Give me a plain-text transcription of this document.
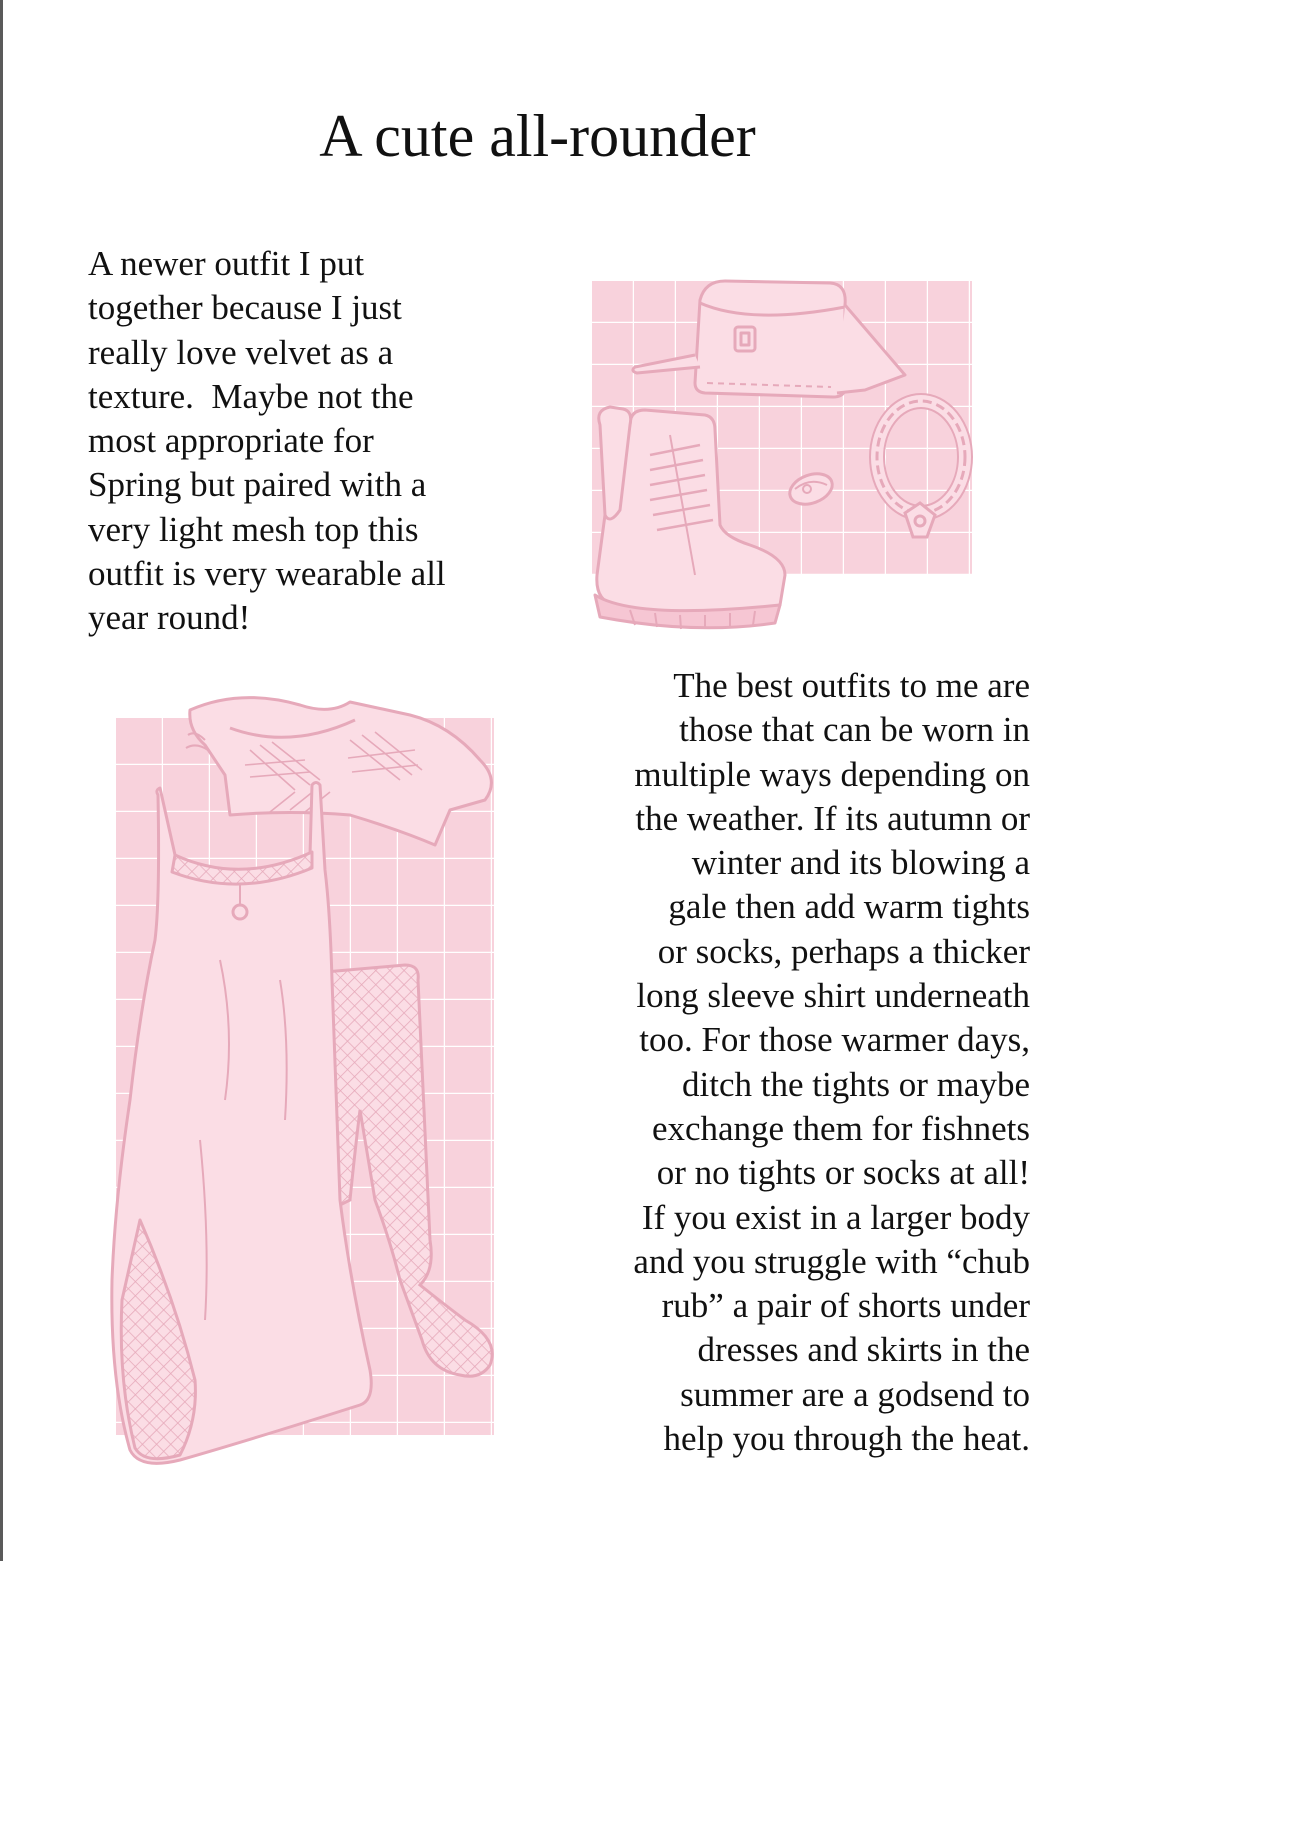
A cute all-rounder

A newer outfit I put

together because I just

really love velvet as a

texture.  Maybe not the

most appropriate for

Spring but paired with a

very light mesh top this

outfit is very wearable all

year round!

The best outfits to me are

those that can be worn in

multiple ways depending on

the weather. If its autumn or

winter and its blowing a

gale then add warm tights

or socks, perhaps a thicker

long sleeve shirt underneath

too. For those warmer days,

ditch the tights or maybe

exchange them for fishnets

or no tights or socks at all!

If you exist in a larger body

and you struggle with “chub

rub” a pair of shorts under

dresses and skirts in the

summer are a godsend to

help you through the heat.
